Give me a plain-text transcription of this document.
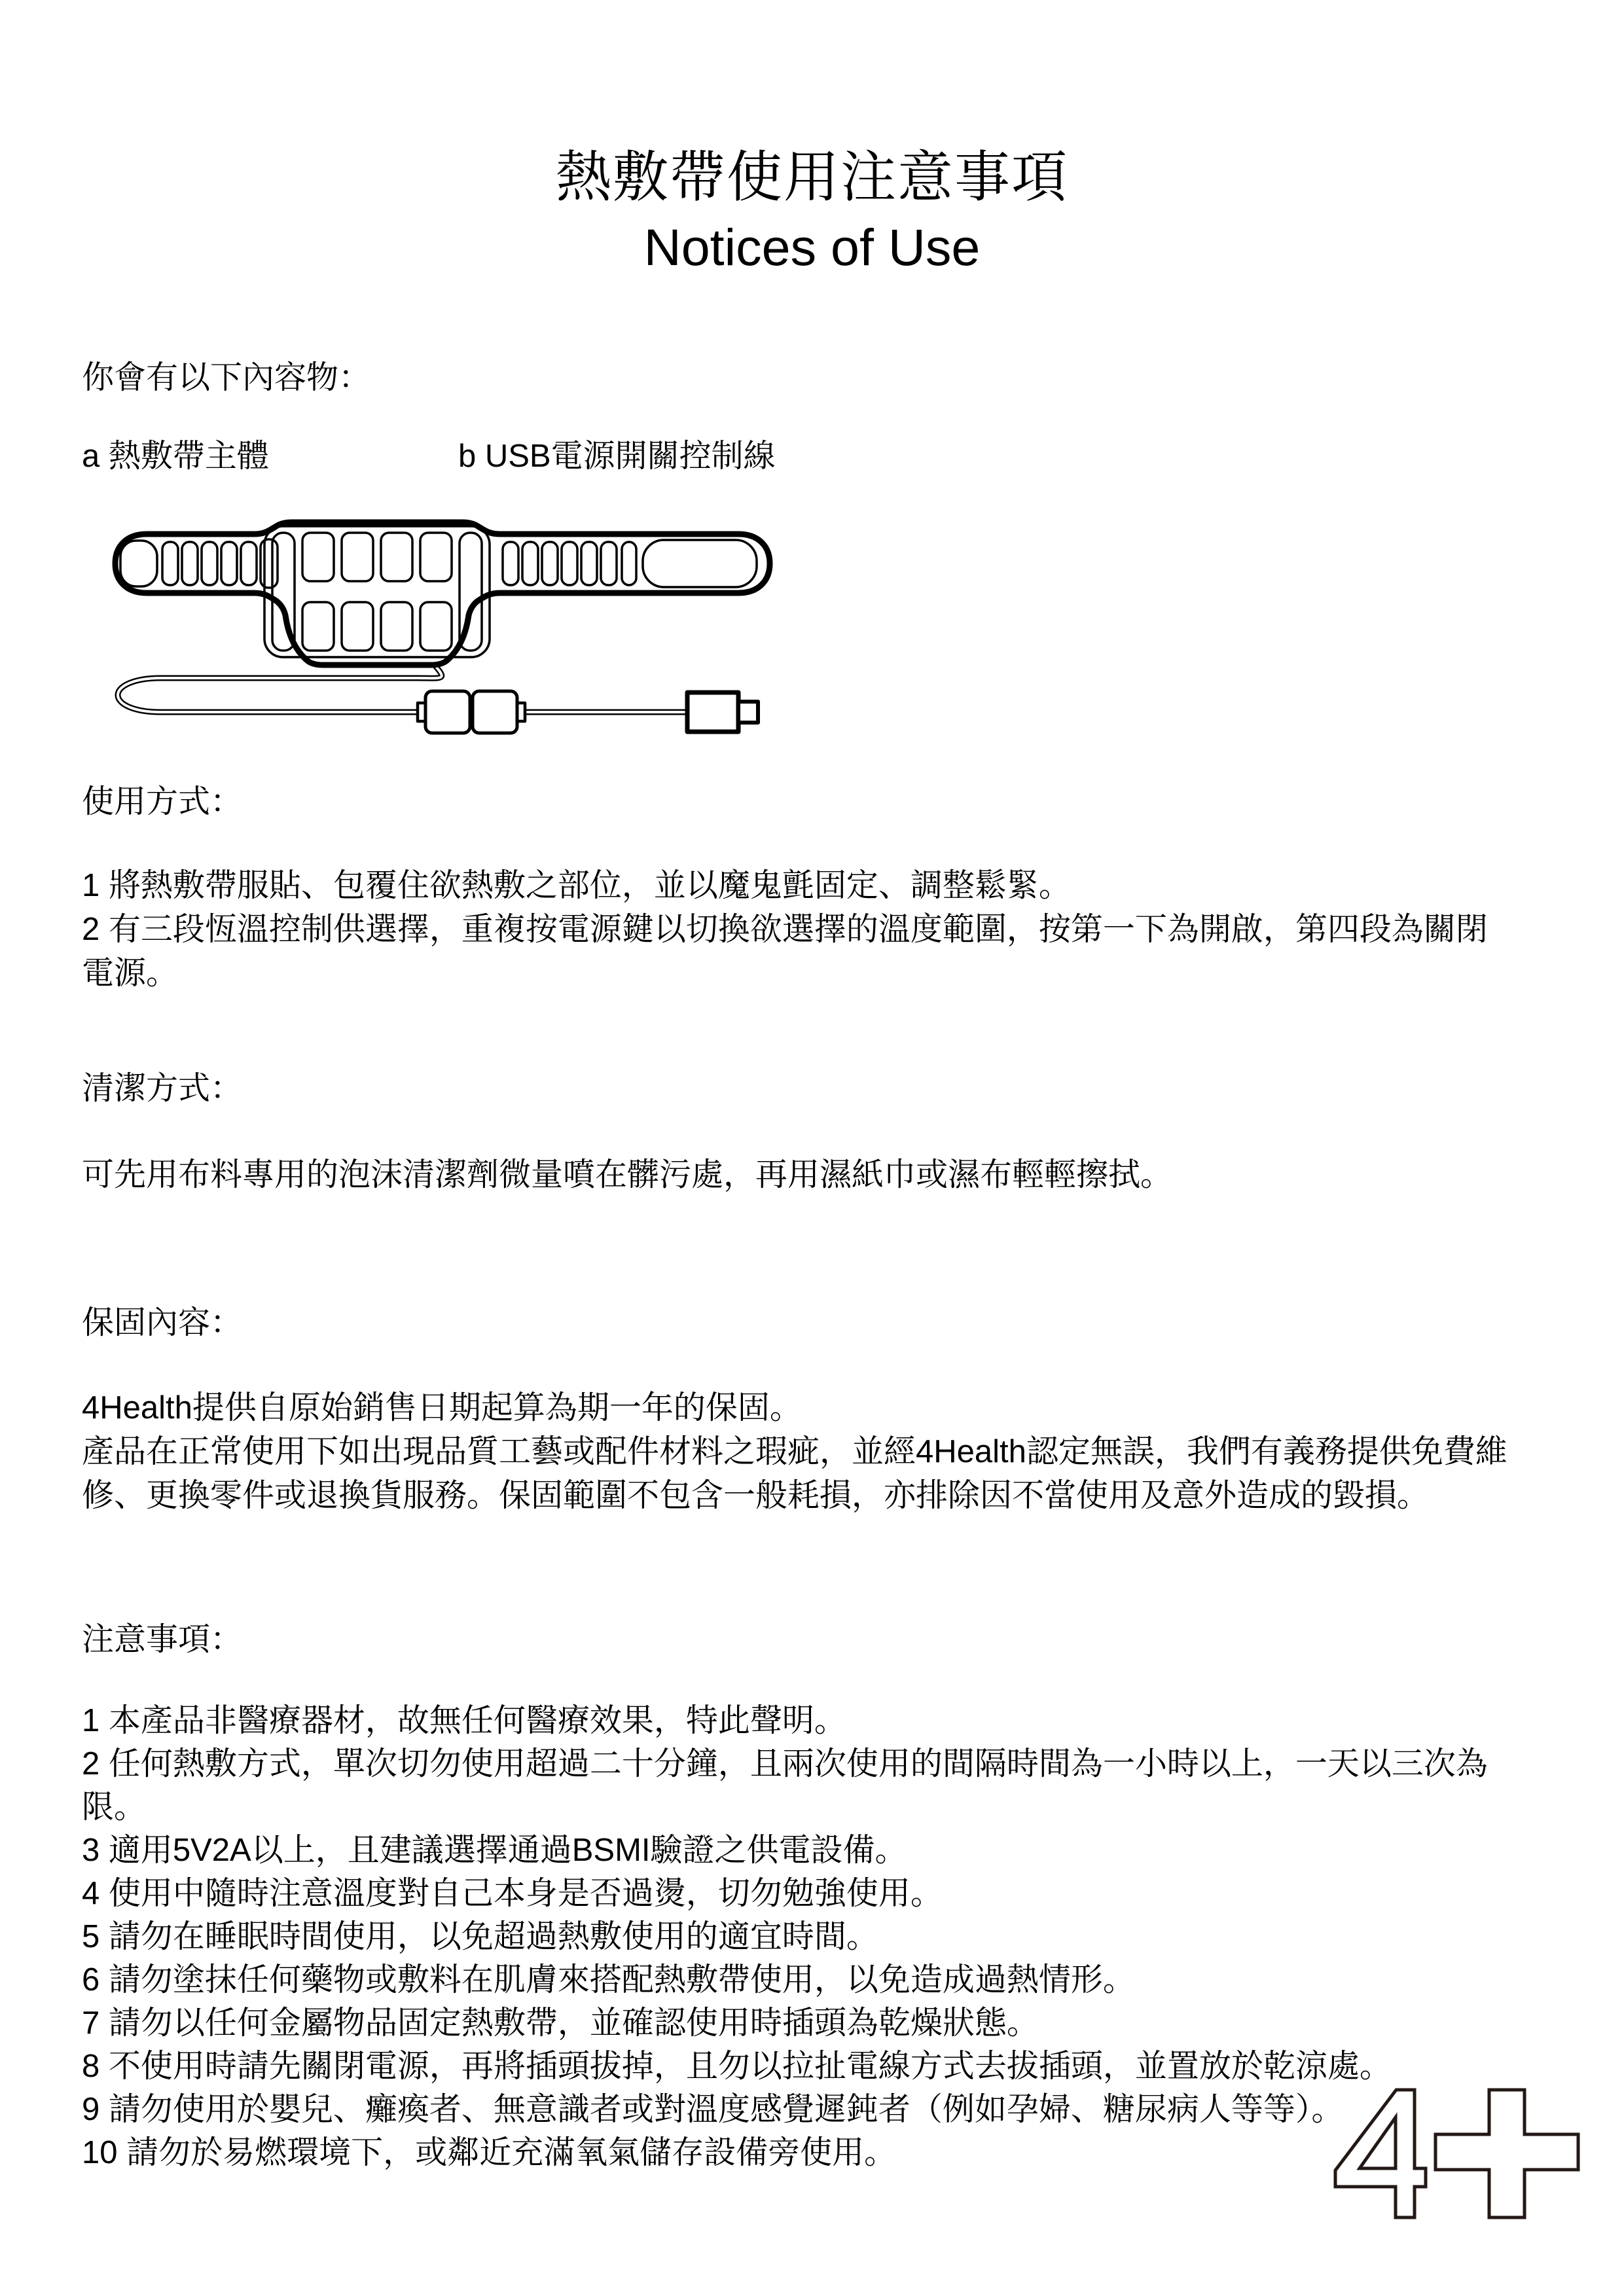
熱敷帶使用注意事項
Notices of Use
你會有以下內容物：
a 熱敷帶主體	b USB電源開關控制線
使用方式：
1 將熱敷帶服貼、包覆住欲熱敷之部位，並以魔鬼氈固定、調整鬆緊。
2 有三段恆溫控制供選擇，重複按電源鍵以切換欲選擇的溫度範圍，按第一下為開啟，第四段為關閉
電源。
清潔方式：
可先用布料專用的泡沫清潔劑微量噴在髒污處，再用濕紙巾或濕布輕輕擦拭。
保固內容：
4Health提供自原始銷售日期起算為期一年的保固。
產品在正常使用下如出現品質工藝或配件材料之瑕疵，並經4Health認定無誤，我們有義務提供免費維
修、更換零件或退換貨服務。保固範圍不包含一般耗損，亦排除因不當使用及意外造成的毀損。
注意事項：
1 本產品非醫療器材，故無任何醫療效果，特此聲明。
2 任何熱敷方式，單次切勿使用超過二十分鐘，且兩次使用的間隔時間為一小時以上，一天以三次為
限。
3 適用5V2A以上，且建議選擇通過BSMI驗證之供電設備。
4 使用中隨時注意溫度對自己本身是否過燙，切勿勉強使用。
5 請勿在睡眠時間使用，以免超過熱敷使用的適宜時間。
6 請勿塗抹任何藥物或敷料在肌膚來搭配熱敷帶使用，以免造成過熱情形。
7 請勿以任何金屬物品固定熱敷帶，並確認使用時插頭為乾燥狀態。
8 不使用時請先關閉電源，再將插頭拔掉，且勿以拉扯電線方式去拔插頭，並置放於乾涼處。
9 請勿使用於嬰兒、癱瘓者、無意識者或對溫度感覺遲鈍者（例如孕婦、糖尿病人等等）。
10 請勿於易燃環境下，或鄰近充滿氧氣儲存設備旁使用。
